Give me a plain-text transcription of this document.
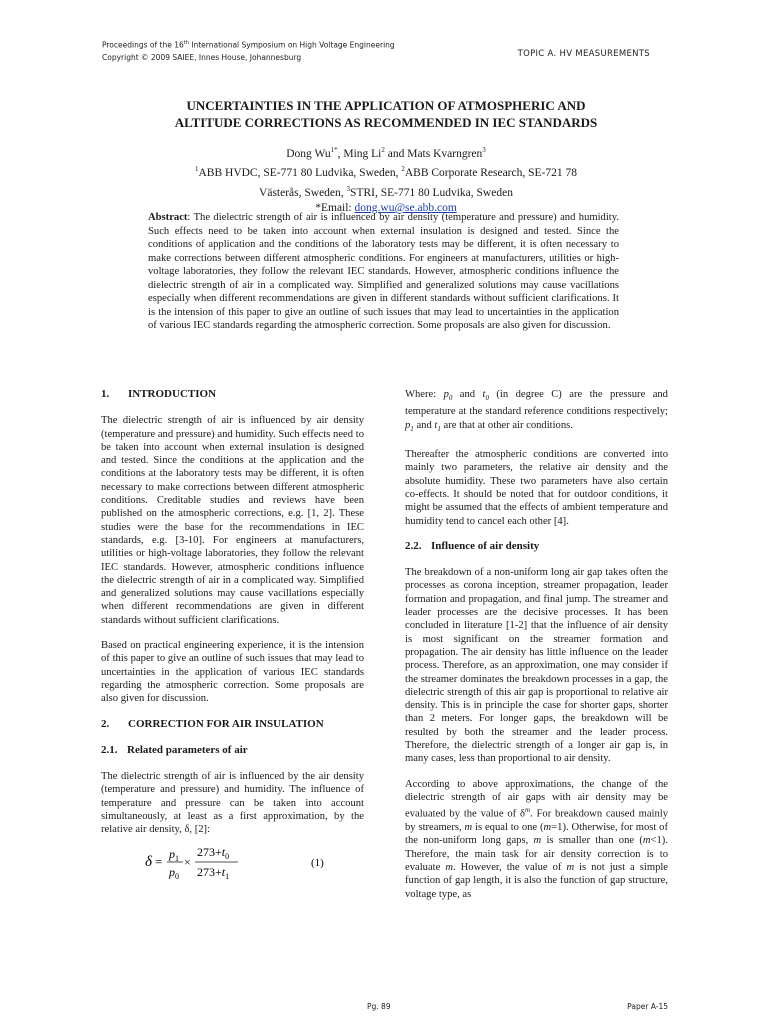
Proceedings of the 16th International Symposium on High Voltage Engineering
Copyright © 2009 SAIEE, Innes House, Johannesburg	TOPIC A. HV MEASUREMENTS
UNCERTAINTIES IN THE APPLICATION OF ATMOSPHERIC AND
ALTITUDE CORRECTIONS AS RECOMMENDED IN IEC STANDARDS
Dong $Wu^{1*}$, Ming Li$^2$ and Mats Kvarngren$^3$
$^1$ABB HVDC, SE-771 80 Ludvika, Sweden, $^2$ABB Corporate Research, SE-721 78
Västerås, Sweden, $^3$STRI, SE-771 80 Ludvika, Sweden
*Email: dong.wu@se.abb.com
Abstract: The dielectric strength of air is influenced by air density (temperature and pressure) and humidity. Such effects need to be taken into account when external insulation is designed and tested. Since the conditions of application and the conditions of the laboratory tests may be different, it is often necessary to make corrections between different atmospheric conditions. For engineers at manufacturers, utilities or high-voltage laboratories, they follow the relevant IEC standards. However, atmospheric conditions influence the dielectric strength of air in a complicated way. Simplified and generalized solutions may cause vacillations especially when different recommendations are given in different standards without sufficient clarifications. It is the intension of this paper to give an outline of such issues that may lead to uncertainties in the application of various IEC standards regarding the atmospheric correction. Some proposals are also given for discussion.
1. INTRODUCTION

The dielectric strength of air is influenced by air density (temperature and pressure) and humidity. Such effects need to be taken into account when external insulation is designed and tested. Since the conditions at the application and the conditions at the laboratory tests may be different, it is often necessary to make corrections between different atmospheric conditions. Creditable studies and reviews have been published on the atmospheric corrections, e.g. [1, 2]. These studies were the base for the recommendations in IEC standards, e.g. [3-10]. For engineers at manufacturers, utilities or high-voltage laboratories, they follow the relevant IEC standards. However, atmospheric conditions influence the dielectric strength of air in a complicated way. Simplified and generalized solutions may cause vacillations especially when different recommendations are given in different standards without sufficient clarifications.

Based on practical engineering experience, it is the intension of this paper to give an outline of such issues that may lead to uncertainties in the application of various IEC standards regarding the atmospheric correction. Some proposals are also given for discussion.

2. CORRECTION FOR AIR INSULATION
2.1. Related parameters of air

The dielectric strength of air is influenced by the air density (temperature and pressure) and humidity. The influence of temperature and pressure can be taken into account simultaneously, at least as a first approximation, by the relative air density, δ, [2]:

$\delta = p_1$
$p_0$
×
$273+t_0$
$273+t_1$
(1)

Where: $p_0$ and $t_0$ (in degree C) are the pressure and temperature at the standard reference conditions respectively; $p_1$ and $t_1$ are that at other air conditions.

Thereafter the atmospheric conditions are converted into mainly two parameters, the relative air density and the absolute humidity. These two parameters have also certain co-effects. It should be noted that for outdoor conditions, it might be assumed that the effects of ambient temperature and humidity tend to cancel each other [4].

2.2. Influence of air density

The breakdown of a non-uniform long air gap takes often the processes as corona inception, streamer propagation, leader formation and propagation, and final jump. The streamer and leader processes are the decisive processes. It has been concluded in literature [1-2] that the influence of air density is most significant on the streamer formation and propagation. The air density has little influence on the leader process. Therefore, as an approximation, one may consider if the streamer dominates the breakdown processes in a gap, the dielectric strength of this air gap is proportional to relative air density. This is in principle the case for shorter gaps, shorter than 2 meters. For longer gaps, the breakdown will be resulted by both the streamer and the leader process. Therefore, the dielectric strength of a longer air gap is, in many cases, less than proportional to air density.

According to above approximations, the change of the dielectric strength of air gaps with air density may be evaluated by the value of $\delta^m$. For breakdown caused mainly by streamers, m is equal to one (m=1). Otherwise, for most of the non-uniform long gaps, m is smaller than one (m<1). Therefore, the main task for air density correction is to evaluate m. However, the value of m is not just a simple function of gap length, it is also the function of gap structure, voltage type, as

Pg. 89	Paper A-15
